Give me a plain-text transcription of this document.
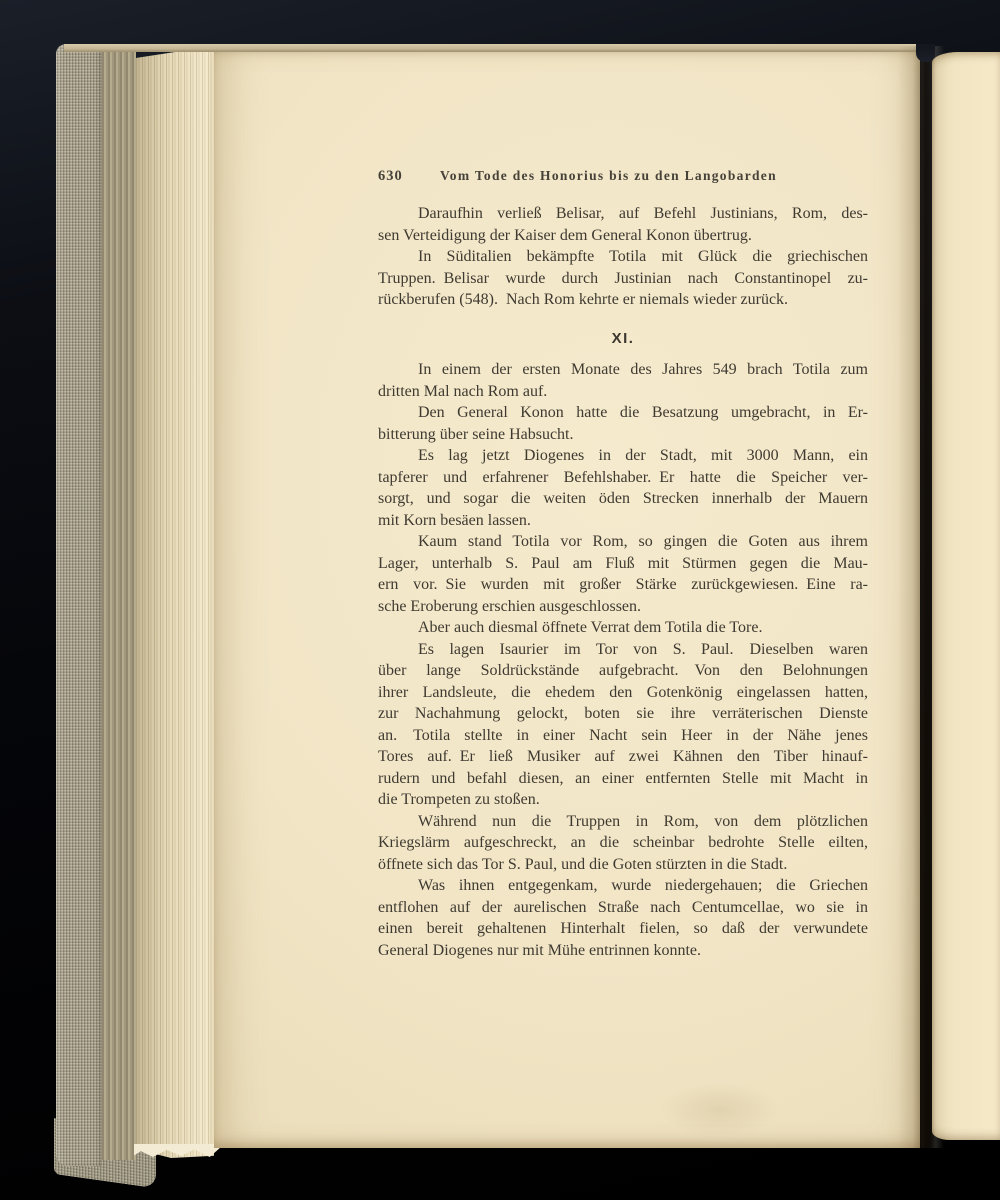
630	Vom Tode des Honorius bis zu den Langobarden
Daraufhin verließ Belisar, auf Befehl Justinians, Rom, des-
sen Verteidigung der Kaiser dem General Konon übertrug.
In Süditalien bekämpfte Totila mit Glück die griechischen
Truppen. Belisar wurde durch Justinian nach Constantinopel zu-
rückberufen (548). Nach Rom kehrte er niemals wieder zurück.
XI.
In einem der ersten Monate des Jahres 549 brach Totila zum
dritten Mal nach Rom auf.
Den General Konon hatte die Besatzung umgebracht, in Er-
bitterung über seine Habsucht.
Es lag jetzt Diogenes in der Stadt, mit 3000 Mann, ein
tapferer und erfahrener Befehlshaber. Er hatte die Speicher ver-
sorgt, und sogar die weiten öden Strecken innerhalb der Mauern
mit Korn besäen lassen.
Kaum stand Totila vor Rom, so gingen die Goten aus ihrem
Lager, unterhalb S. Paul am Fluß mit Stürmen gegen die Mau-
ern vor. Sie wurden mit großer Stärke zurückgewiesen. Eine ra-
sche Eroberung erschien ausgeschlossen.
Aber auch diesmal öffnete Verrat dem Totila die Tore.
Es lagen Isaurier im Tor von S. Paul. Dieselben waren
über lange Soldrückstände aufgebracht. Von den Belohnungen
ihrer Landsleute, die ehedem den Gotenkönig eingelassen hatten,
zur Nachahmung gelockt, boten sie ihre verräterischen Dienste
an. Totila stellte in einer Nacht sein Heer in der Nähe jenes
Tores auf. Er ließ Musiker auf zwei Kähnen den Tiber hinauf-
rudern und befahl diesen, an einer entfernten Stelle mit Macht in
die Trompeten zu stoßen.
Während nun die Truppen in Rom, von dem plötzlichen
Kriegslärm aufgeschreckt, an die scheinbar bedrohte Stelle eilten,
öffnete sich das Tor S. Paul, und die Goten stürzten in die Stadt.
Was ihnen entgegenkam, wurde niedergehauen; die Griechen
entflohen auf der aurelischen Straße nach Centumcellae, wo sie in
einen bereit gehaltenen Hinterhalt fielen, so daß der verwundete
General Diogenes nur mit Mühe entrinnen konnte.
